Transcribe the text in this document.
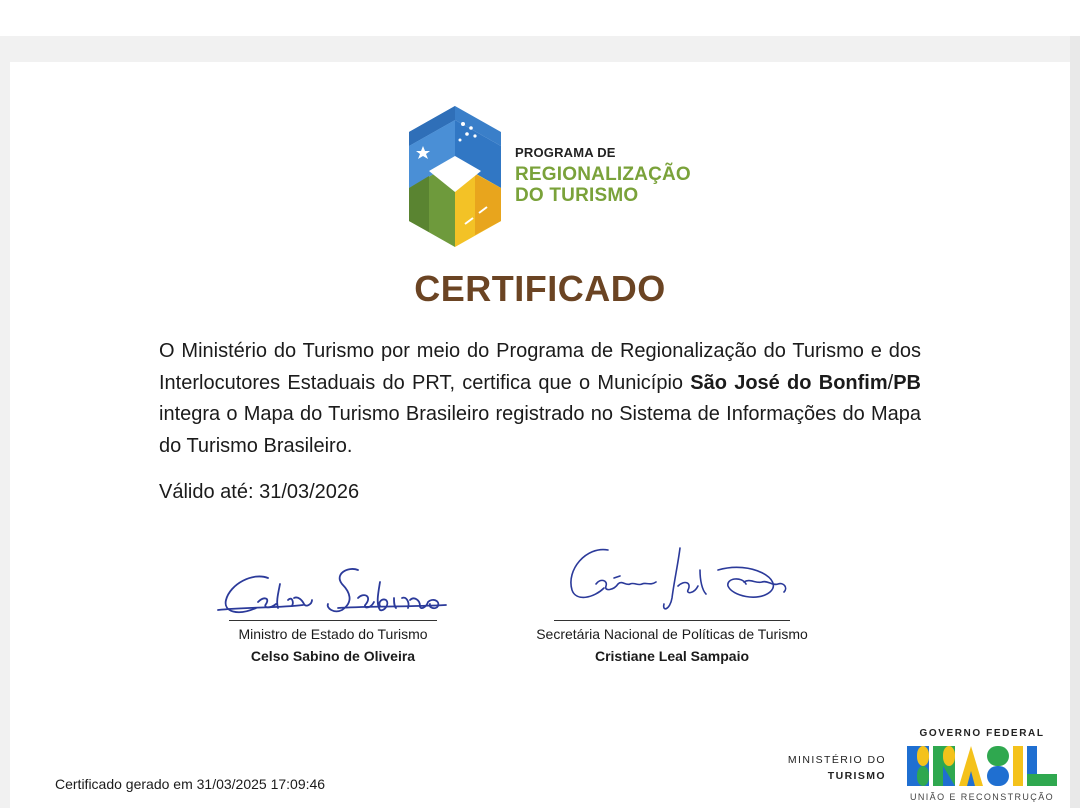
PROGRAMA DE
REGIONALIZAÇÃO
DO TURISMO
CERTIFICADO
O Ministério do Turismo por meio do Programa de Regionalização do Turismo e dos Interlocutores Estaduais do PRT, certifica que o Município São José do Bonfim/PB integra o Mapa do Turismo Brasileiro registrado no Sistema de Informações do Mapa do Turismo Brasileiro.
Válido até: 31/03/2026
Ministro de Estado do Turismo
Celso Sabino de Oliveira
Secretária Nacional de Políticas de Turismo
Cristiane Leal Sampaio
Certificado gerado em 31/03/2025 17:09:46
MINISTÉRIO DO
TURISMO
GOVERNO FEDERAL
UNIÃO E RECONSTRUÇÃO
